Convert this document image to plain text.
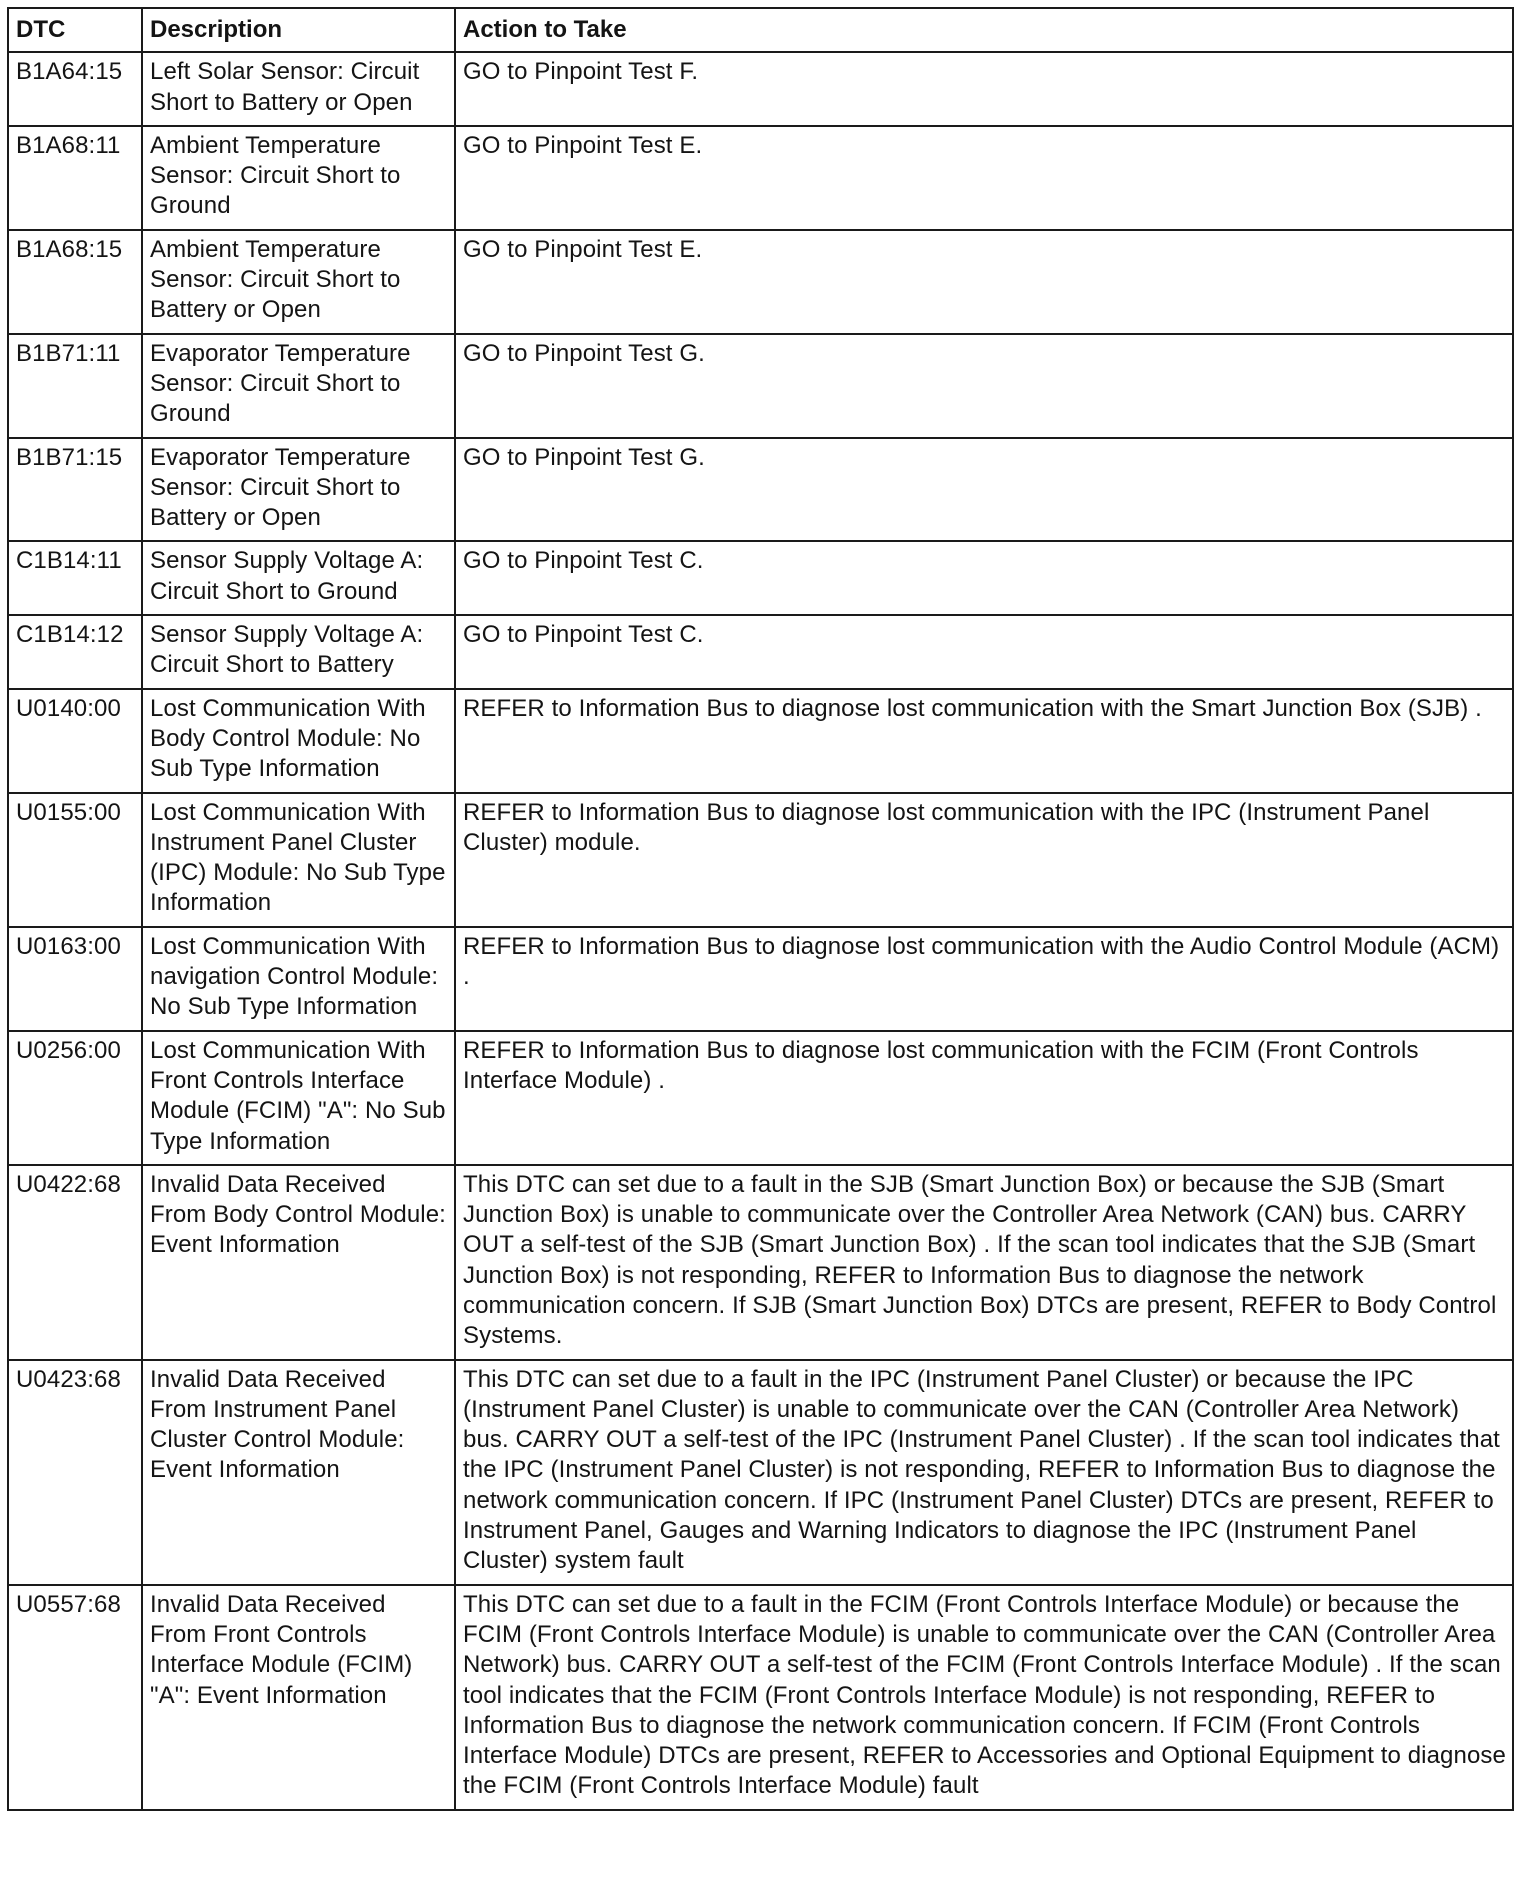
DTC	Description	Action to Take
B1A64:15	Left Solar Sensor: Circuit Short to Battery or Open	GO to Pinpoint Test F.
B1A68:11	Ambient Temperature Sensor: Circuit Short to Ground	GO to Pinpoint Test E.
B1A68:15	Ambient Temperature Sensor: Circuit Short to Battery or Open	GO to Pinpoint Test E.
B1B71:11	Evaporator Temperature Sensor: Circuit Short to Ground	GO to Pinpoint Test G.
B1B71:15	Evaporator Temperature Sensor: Circuit Short to Battery or Open	GO to Pinpoint Test G.
C1B14:11	Sensor Supply Voltage A: Circuit Short to Ground	GO to Pinpoint Test C.
C1B14:12	Sensor Supply Voltage A: Circuit Short to Battery	GO to Pinpoint Test C.
U0140:00	Lost Communication With Body Control Module: No Sub Type Information	REFER to Information Bus to diagnose lost communication with the Smart Junction Box (SJB) .
U0155:00	Lost Communication With Instrument Panel Cluster (IPC) Module: No Sub Type Information	REFER to Information Bus to diagnose lost communication with the IPC (Instrument Panel Cluster) module.
U0163:00	Lost Communication With navigation Control Module: No Sub Type Information	REFER to Information Bus to diagnose lost communication with the Audio Control Module (ACM) .
U0256:00	Lost Communication With Front Controls Interface Module (FCIM) "A": No Sub Type Information	REFER to Information Bus to diagnose lost communication with the FCIM (Front Controls Interface Module) .
U0422:68	Invalid Data Received From Body Control Module: Event Information	This DTC can set due to a fault in the SJB (Smart Junction Box) or because the SJB (Smart Junction Box) is unable to communicate over the Controller Area Network (CAN) bus. CARRY OUT a self-test of the SJB (Smart Junction Box) . If the scan tool indicates that the SJB (Smart Junction Box) is not responding, REFER to Information Bus to diagnose the network communication concern. If SJB (Smart Junction Box) DTCs are present, REFER to Body Control Systems.
U0423:68	Invalid Data Received From Instrument Panel Cluster Control Module: Event Information	This DTC can set due to a fault in the IPC (Instrument Panel Cluster) or because the IPC (Instrument Panel Cluster) is unable to communicate over the CAN (Controller Area Network) bus. CARRY OUT a self-test of the IPC (Instrument Panel Cluster) . If the scan tool indicates that the IPC (Instrument Panel Cluster) is not responding, REFER to Information Bus to diagnose the network communication concern. If IPC (Instrument Panel Cluster) DTCs are present, REFER to Instrument Panel, Gauges and Warning Indicators to diagnose the IPC (Instrument Panel Cluster) system fault
U0557:68	Invalid Data Received From Front Controls Interface Module (FCIM) "A": Event Information	This DTC can set due to a fault in the FCIM (Front Controls Interface Module) or because the FCIM (Front Controls Interface Module) is unable to communicate over the CAN (Controller Area Network) bus. CARRY OUT a self-test of the FCIM (Front Controls Interface Module) . If the scan tool indicates that the FCIM (Front Controls Interface Module) is not responding, REFER to Information Bus to diagnose the network communication concern. If FCIM (Front Controls Interface Module) DTCs are present, REFER to Accessories and Optional Equipment to diagnose the FCIM (Front Controls Interface Module) fault
